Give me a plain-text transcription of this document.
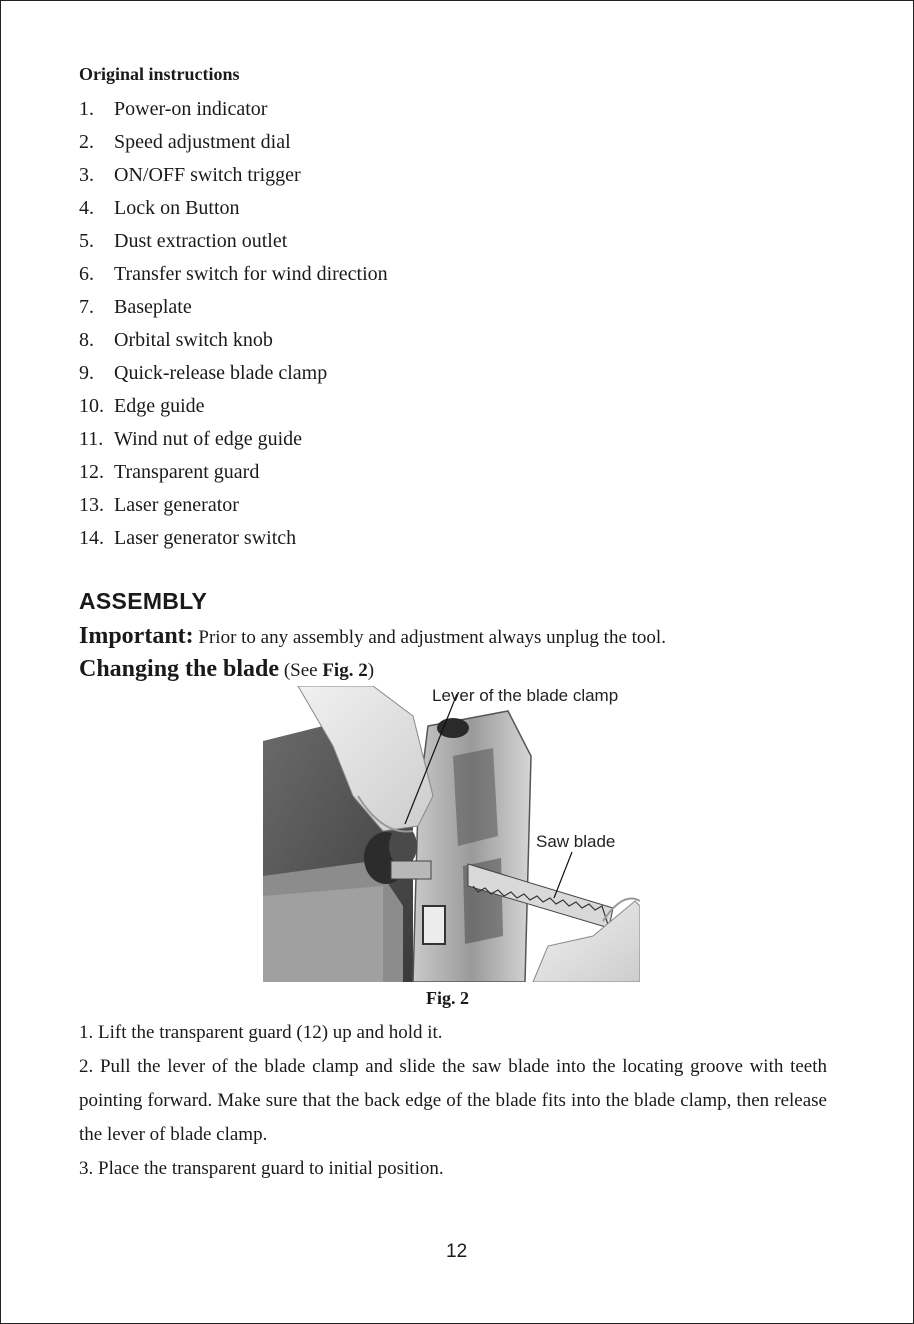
Original instructions
1. Power-on indicator
2. Speed adjustment dial
3. ON/OFF switch trigger
4. Lock on Button
5. Dust extraction outlet
6. Transfer switch for wind direction
7. Baseplate
8. Orbital switch knob
9. Quick-release blade clamp
10. Edge guide
11. Wind nut of edge guide
12. Transparent guard
13. Laser generator
14. Laser generator switch
ASSEMBLY
Important: Prior to any assembly and adjustment always unplug the tool.
Changing the blade (See Fig. 2)
Lever of the blade clamp
Saw blade
Fig. 2

1. Lift the transparent guard (12) up and hold it.

2. Pull the lever of the blade clamp and slide the saw blade into the locating groove with teeth pointing forward. Make sure that the back edge of the blade fits into the blade clamp, then release the lever of blade clamp.

3. Place the transparent guard to initial position.

12
